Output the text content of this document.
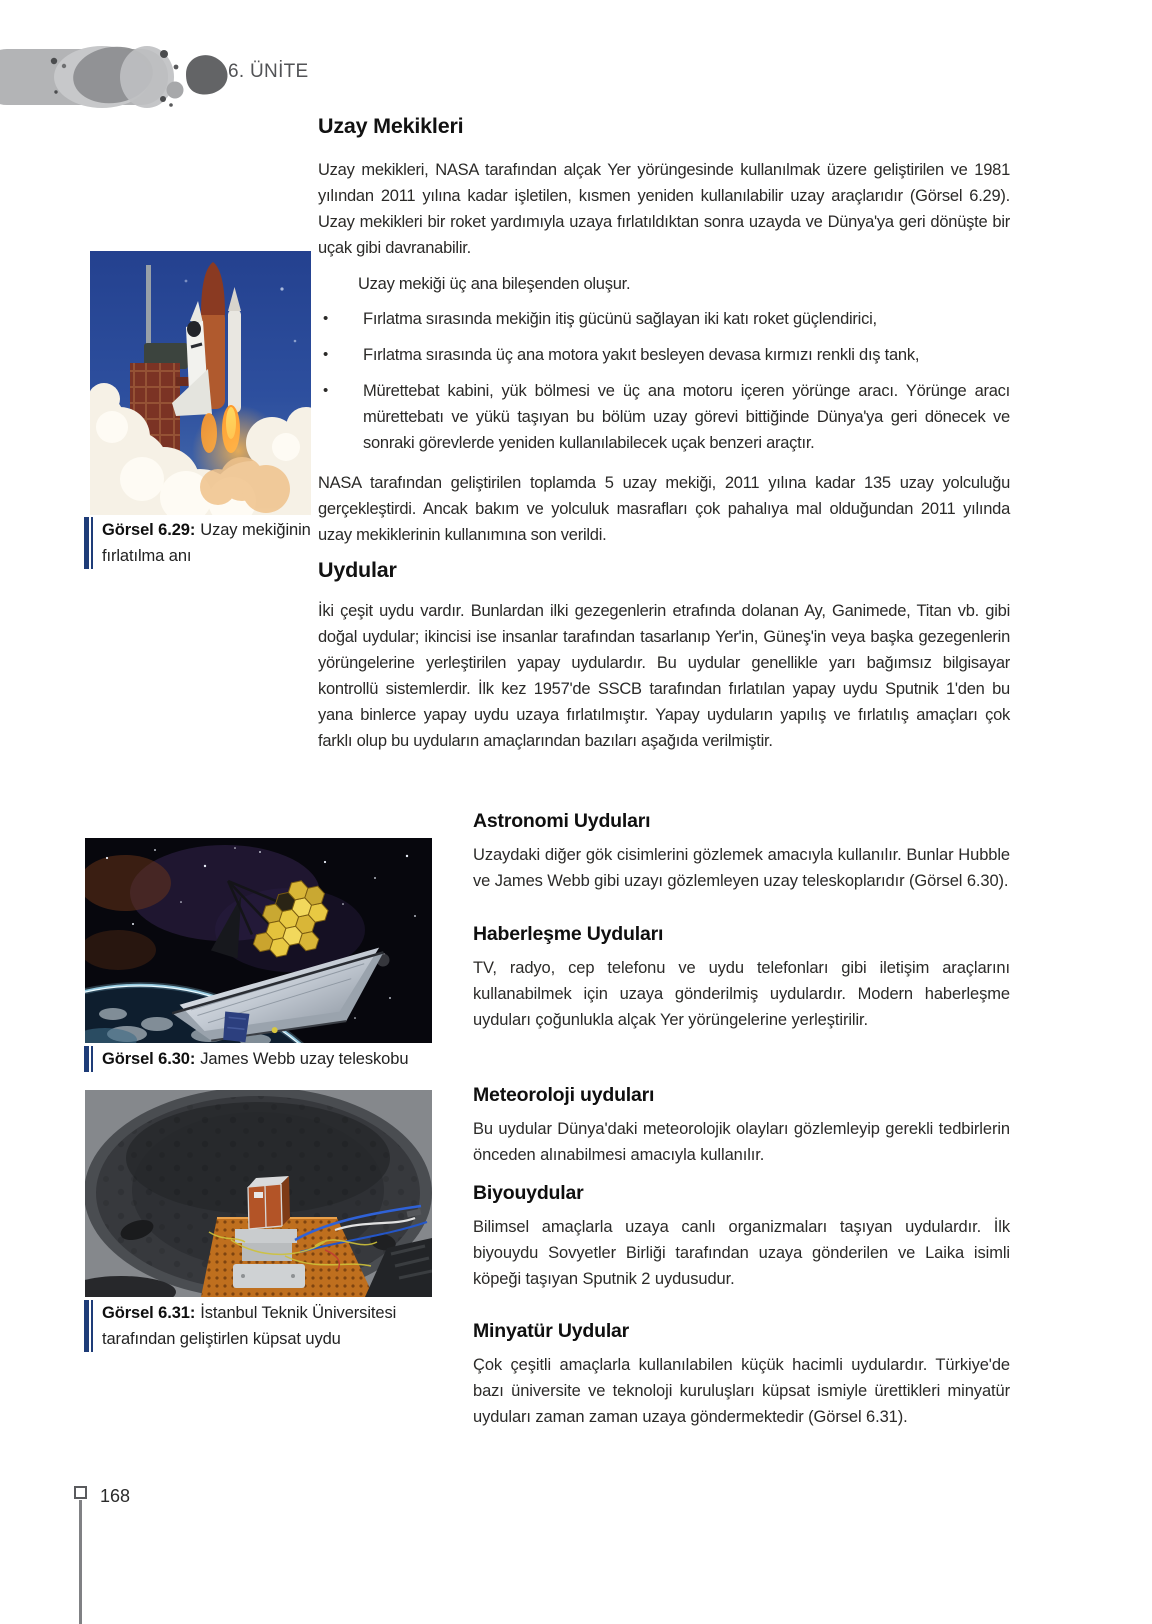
6. ÜNİTE
Uzay Mekikleri

Uzay mekikleri, NASA tarafından alçak Yer yörüngesinde kullanılmak üzere geliştirilen ve 1981 yılından 2011 yılına kadar işletilen, kısmen yeniden kullanılabilir uzay araçlarıdır (Görsel 6.29). Uzay mekikleri bir roket yardımıyla uzaya fırlatıldıktan sonra uzayda ve Dünya'ya geri dönüşte bir uçak gibi davranabilir.

Uzay mekiği üç ana bileşenden oluşur.

•	Fırlatma sırasında mekiğin itiş gücünü sağlayan iki katı roket güçlendirici,
•	Fırlatma sırasında üç ana motora yakıt besleyen devasa kırmızı renkli dış tank,
•	Mürettebat kabini, yük bölmesi ve üç ana motoru içeren yörünge aracı. Yörünge aracı mürettebatı ve yükü taşıyan bu bölüm uzay görevi bittiğinde Dünya'ya geri dönecek ve sonraki görevlerde yeniden kullanılabilecek uçak benzeri araçtır.

NASA tarafından geliştirilen toplamda 5 uzay mekiği, 2011 yılına kadar 135 uzay yolculuğu gerçekleştirdi. Ancak bakım ve yolculuk masrafları çok pahalıya mal olduğundan 2011 yılında uzay mekiklerinin kullanımına son verildi.

Uydular

İki çeşit uydu vardır. Bunlardan ilki gezegenlerin etrafında dolanan Ay, Ganimede, Titan vb. gibi doğal uydular; ikincisi ise insanlar tarafından tasarlanıp Yer'in, Güneş'in veya başka gezegenlerin yörüngelerine yerleştirilen yapay uydulardır. Bu uydular genellikle yarı bağımsız bilgisayar kontrollü sistemlerdir. İlk kez 1957'de SSCB tarafından fırlatılan yapay uydu Sputnik 1'den bu yana binlerce yapay uydu uzaya fırlatılmıştır. Yapay uyduların yapılış ve fırlatılış amaçları çok farklı olup bu uyduların amaçlarından bazıları aşağıda verilmiştir.

Astronomi Uyduları

Uzaydaki diğer gök cisimlerini gözlemek amacıyla kullanılır. Bunlar Hubble ve James Webb gibi uzayı gözlemleyen uzay teleskoplarıdır (Görsel 6.30).

Haberleşme Uyduları

TV, radyo, cep telefonu ve uydu telefonları gibi iletişim araçlarını kullanabilmek için uzaya gönderilmiş uydulardır. Modern haberleşme uyduları çoğunlukla alçak Yer yörüngelerine yerleştirilir.

Meteoroloji uyduları

Bu uydular Dünya'daki meteorolojik olayları gözlemleyip gerekli tedbirlerin önceden alınabilmesi amacıyla kullanılır.

Biyouydular

Bilimsel amaçlarla uzaya canlı organizmaları taşıyan uydulardır. İlk biyouydu Sovyetler Birliği tarafından uzaya gönderilen ve Laika isimli köpeği taşıyan Sputnik 2 uydusudur.

Minyatür Uydular

Çok çeşitli amaçlarla kullanılabilen küçük hacimli uydulardır. Türkiye'de bazı üniversite ve teknoloji kuruluşları küpsat ismiyle ürettikleri minyatür uyduları zaman zaman uzaya göndermektedir (Görsel 6.31).

Görsel 6.29: Uzay mekiğinin fırlatılma anı
Görsel 6.30: James Webb uzay teleskobu
Görsel 6.31: İstanbul Teknik Üniversitesi tarafından geliştirlen küpsat uydu
168
